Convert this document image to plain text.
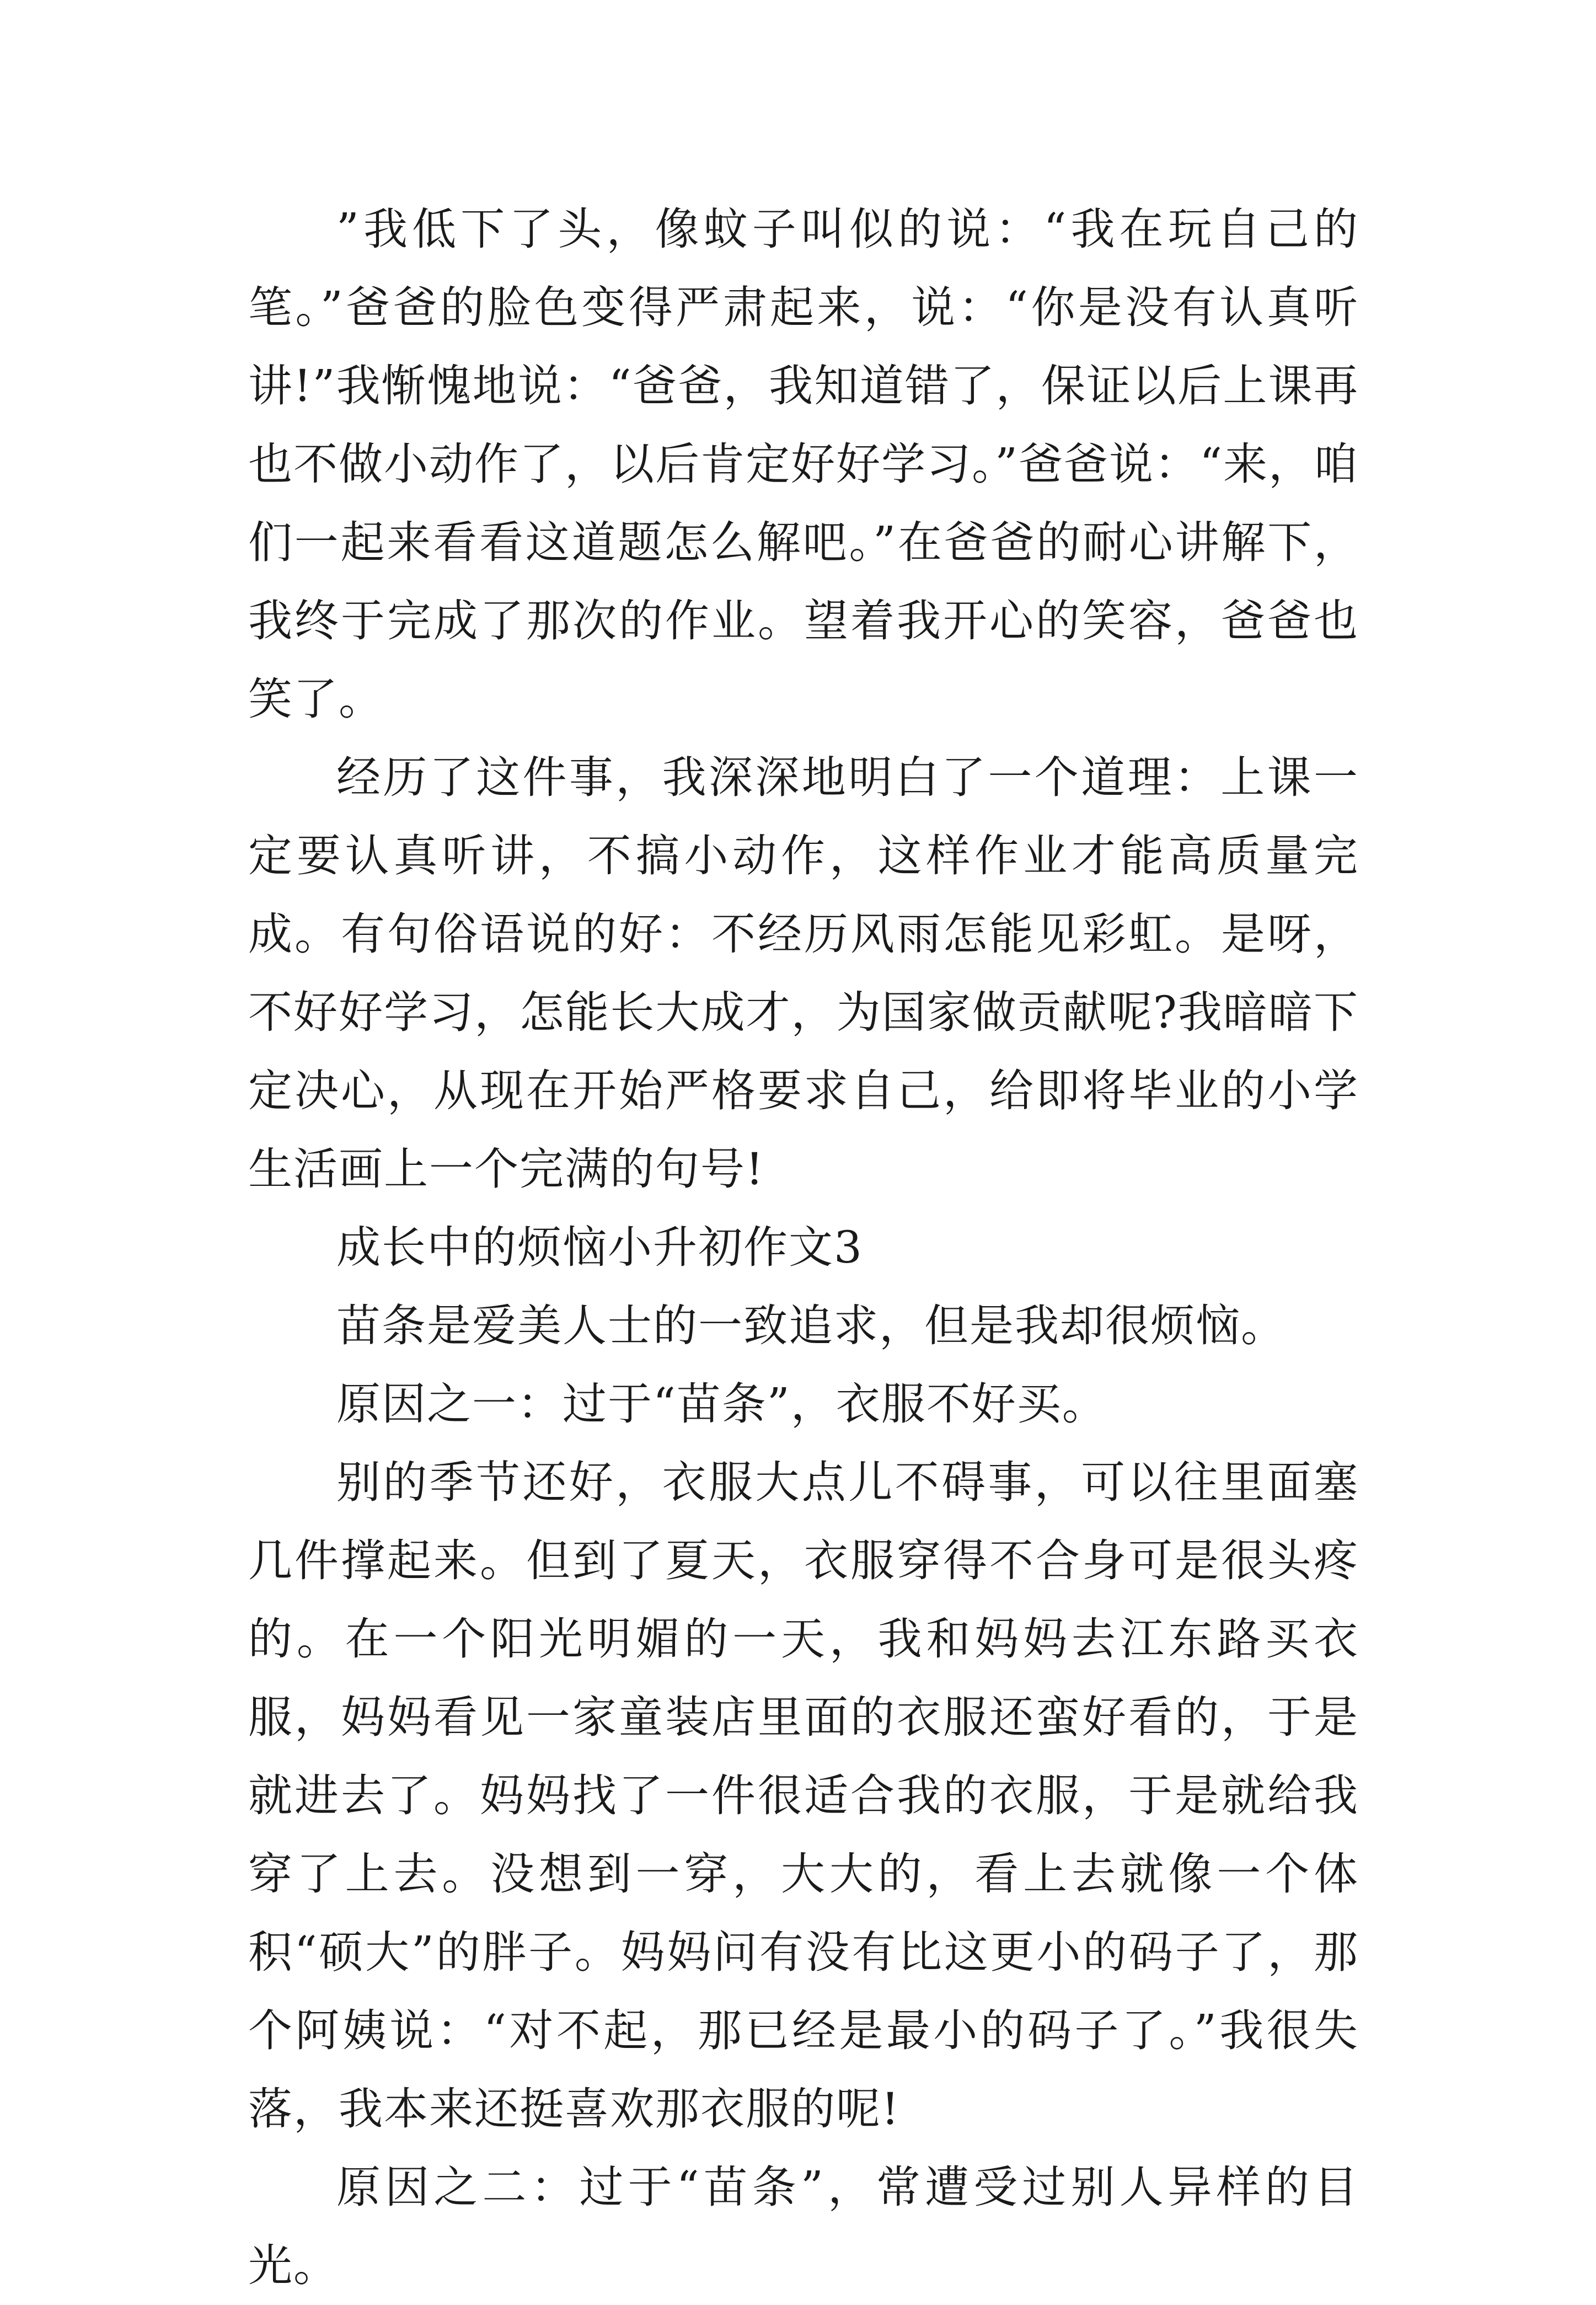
”我低下了头，像蚊子叫似的说：“我在玩自己的笔。”爸爸的脸色变得严肃起来，说：“你是没有认真听讲!”我惭愧地说：“爸爸，我知道错了，保证以后上课再也不做小动作了，以后肯定好好学习。”爸爸说：“来，咱们一起来看看这道题怎么解吧。”在爸爸的耐心讲解下，我终于完成了那次的作业。望着我开心的笑容，爸爸也笑了。

经历了这件事，我深深地明白了一个道理：上课一定要认真听讲，不搞小动作，这样作业才能高质量完成。有句俗语说的好：不经历风雨怎能见彩虹。是呀，不好好学习，怎能长大成才，为国家做贡献呢?我暗暗下定决心，从现在开始严格要求自己，给即将毕业的小学生活画上一个完满的句号!

成长中的烦恼小升初作文3

苗条是爱美人士的一致追求，但是我却很烦恼。

原因之一：过于“苗条”，衣服不好买。

别的季节还好，衣服大点儿不碍事，可以往里面塞几件撑起来。但到了夏天，衣服穿得不合身可是很头疼的。在一个阳光明媚的一天，我和妈妈去江东路买衣服，妈妈看见一家童装店里面的衣服还蛮好看的，于是就进去了。妈妈找了一件很适合我的衣服，于是就给我穿了上去。没想到一穿，大大的，看上去就像一个体积“硕大”的胖子。妈妈问有没有比这更小的码子了，那个阿姨说：“对不起，那已经是最小的码子了。”我很失落，我本来还挺喜欢那衣服的呢!

原因之二：过于“苗条”，常遭受过别人异样的目光。
